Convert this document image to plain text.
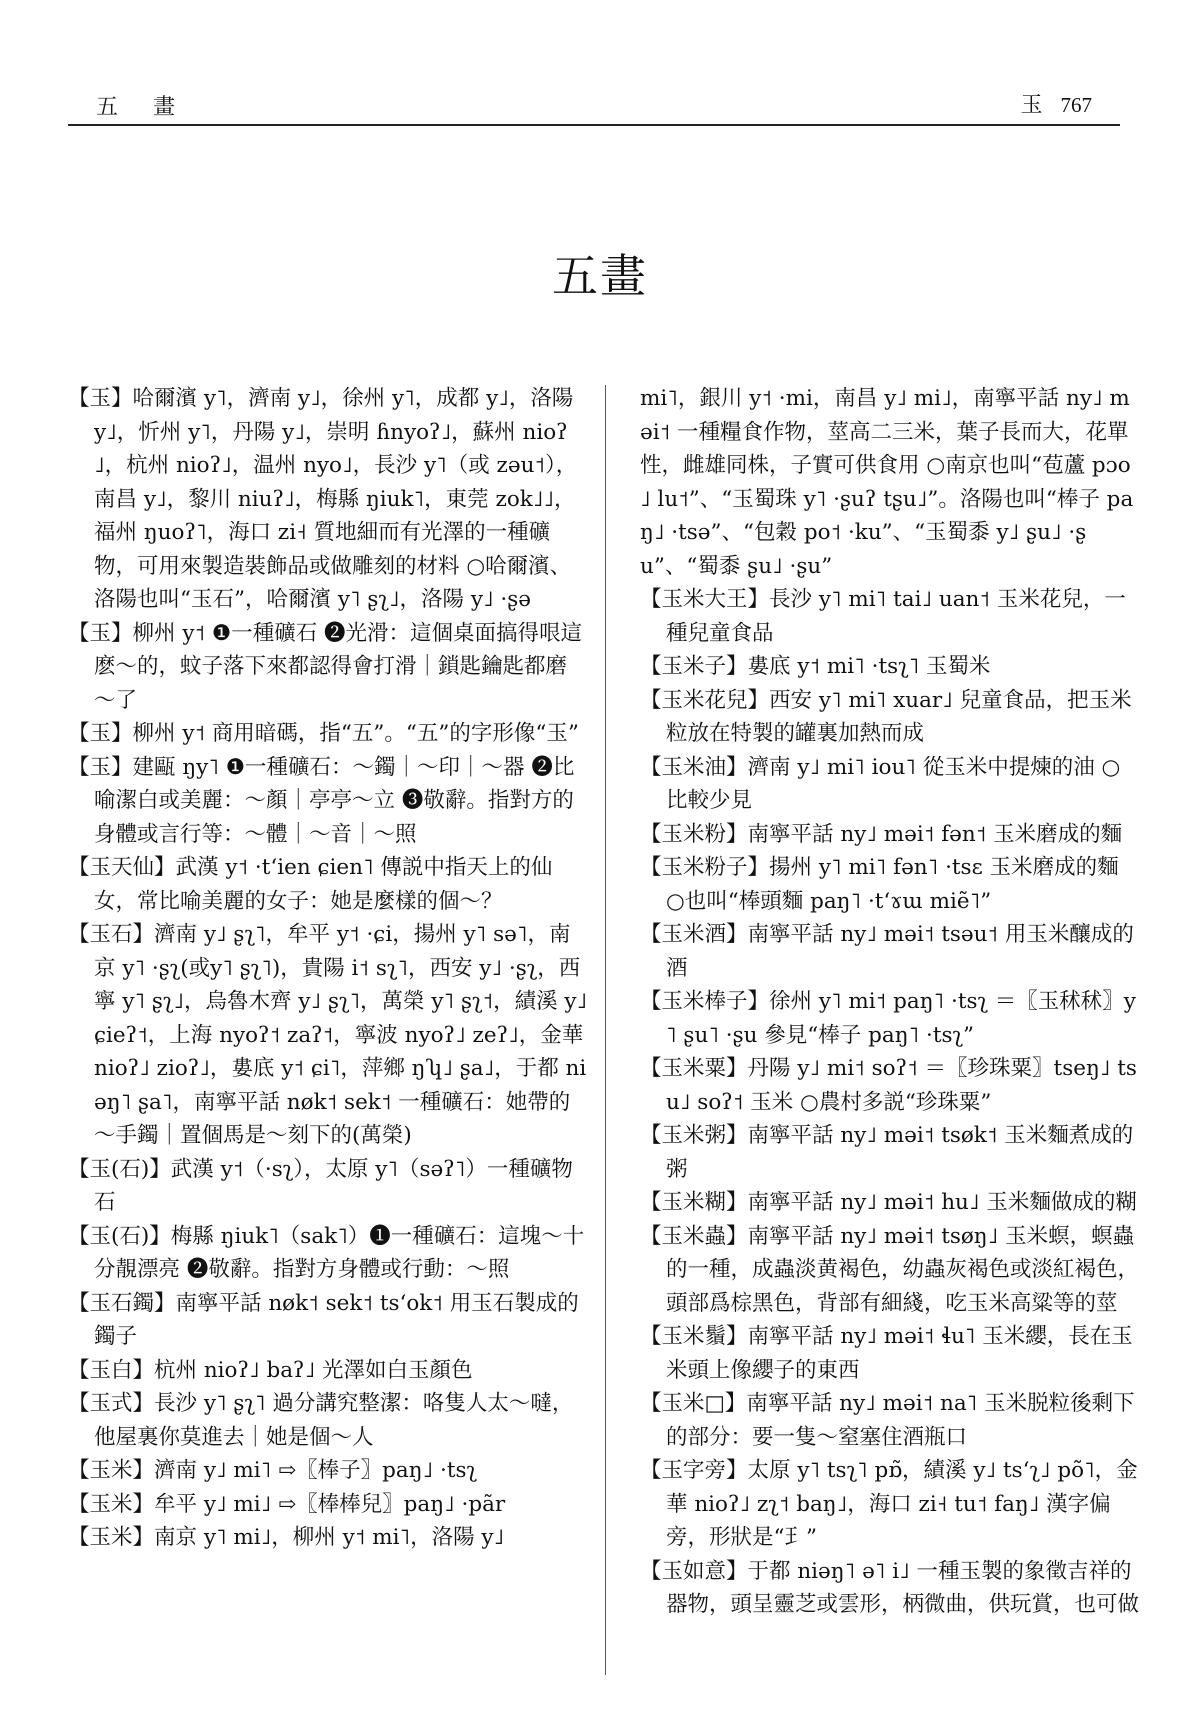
五 畫	玉 767
五畫

【玉】哈爾濱 y˥，濟南 y˩，徐州 y˥，成都 y˩，洛陽 y˩，忻州 y˥，丹陽 y˩，崇明 ɦnyoʔ˩，蘇州 nioʔ˩，杭州 nioʔ˩，温州 nyo˩，長沙 y˥（或 zəu˦），南昌 y˩，黎川 niuʔ˩，梅縣 ŋiuk˥，東莞 zok˩˩，福州 ŋuoʔ˥，海口 zi˧ 質地細而有光澤的一種礦物，可用來製造裝飾品或做雕刻的材料 ○哈爾濱、洛陽也叫“玉石”，哈爾濱 y˥ ʂʅ˩，洛陽 y˩ ·ʂə

【玉】柳州 y˦ ❶一種礦石 ❷光滑：這個桌面搞得哏這麽～的，蚊子落下來都認得會打滑｜鎖匙鑰匙都磨～了

【玉】柳州 y˦ 商用暗碼，指“五”。“五”的字形像“玉”

【玉】建甌 ŋy˥ ❶一種礦石：～鐲｜～印｜～器 ❷比喻潔白或美麗：～顏｜亭亭～立 ❸敬辭。指對方的身體或言行等：～體｜～音｜～照

【玉天仙】武漢 y˦ ·tʻien ɕien˥ 傳説中指天上的仙女，常比喻美麗的女子：她是麼樣的個～？

【玉石】濟南 y˩ ʂʅ˥，牟平 y˦ ·ɕi，揚州 y˥ sə˥，南京 y˥ ·ʂʅ(或y˥ ʂʅ˥)，貴陽 i˦ sʅ˥，西安 y˩ ·ʂʅ，西寧 y˥ ʂʅ˩，烏魯木齊 y˩ ʂʅ˥，萬榮 y˥ ʂʅ˦，績溪 y˩ ɕieʔ˦，上海 nyoʔ˦ zaʔ˦，寧波 nyoʔ˩ zeʔ˩，金華 nioʔ˩ zioʔ˩，婁底 y˦ ɕi˥，萍鄉 ŋʮ˩ ʂa˩，于都 niəŋ˥ ʂa˥，南寧平話 nøk˦ sek˦ 一種礦石：她帶的～手鐲｜置個馬是～刻下的(萬榮)

【玉(石)】武漢 y˦（·sʅ），太原 y˥（səʔ˥）一種礦物石

【玉(石)】梅縣 ŋiuk˥（sak˥）❶一種礦石：這塊～十分靚漂亮 ❷敬辭。指對方身體或行動：～照

【玉石鐲】南寧平話 nøk˦ sek˦ tsʻok˦ 用玉石製成的鐲子

【玉白】杭州 nioʔ˩ baʔ˩ 光澤如白玉顏色

【玉式】長沙 y˥ ʂʅ˥ 過分講究整潔：咯隻人太～噠，他屋裏你莫進去｜她是個～人

【玉米】濟南 y˩ mi˥ ⇨〖棒子〗paŋ˩ ·tsʅ

【玉米】牟平 y˩ mi˩ ⇨〖棒棒兒〗paŋ˩ ·pãr

【玉米】南京 y˥ mi˩，柳州 y˦ mi˥，洛陽 y˩

mi˥，銀川 y˦ ·mi，南昌 y˩ mi˩，南寧平話 ny˩ məi˦ 一種糧食作物，莖高二三米，葉子長而大，花單性，雌雄同株，子實可供食用 ○南京也叫“苞蘆 pɔo˩ lu˦”、“玉蜀珠 y˥ ·ʂuʔ tʂu˩”。洛陽也叫“棒子 paŋ˩ ·tsə”、“包穀 po˦ ·ku”、“玉蜀黍 y˩ ʂu˩ ·ʂu”、“蜀黍 ʂu˩ ·ʂu”

【玉米大王】長沙 y˥ mi˥ tai˩ uan˦ 玉米花兒，一種兒童食品

【玉米子】婁底 y˦ mi˥ ·tsʅ˥ 玉蜀米

【玉米花兒】西安 y˥ mi˥ xuar˩ 兒童食品，把玉米粒放在特製的罐裏加熱而成

【玉米油】濟南 y˩ mi˥ iou˥ 從玉米中提煉的油 ○比較少見

【玉米粉】南寧平話 ny˩ məi˦ fən˦ 玉米磨成的麵

【玉米粉子】揚州 y˥ mi˥ fən˥ ·tsɛ 玉米磨成的麵 ○也叫“棒頭麵 paŋ˥ ·tʻɤɯ miẽ˥”

【玉米酒】南寧平話 ny˩ məi˦ tsəu˦ 用玉米釀成的酒

【玉米棒子】徐州 y˥ mi˦ paŋ˥ ·tsʅ ＝〖玉秫秫〗y˥ ʂu˥ ·ʂu 參見“棒子 paŋ˥ ·tsʅ”

【玉米粟】丹陽 y˩ mi˦ soʔ˦ ＝〖珍珠粟〗tseŋ˩ tsu˩ soʔ˦ 玉米 ○農村多説“珍珠粟”

【玉米粥】南寧平話 ny˩ məi˦ tsøk˦ 玉米麵煮成的粥

【玉米糊】南寧平話 ny˩ məi˦ hu˩ 玉米麵做成的糊

【玉米蟲】南寧平話 ny˩ məi˦ tsøŋ˩ 玉米螟，螟蟲的一種，成蟲淡黄褐色，幼蟲灰褐色或淡紅褐色，頭部爲棕黑色，背部有細綫，吃玉米高粱等的莖

【玉米鬚】南寧平話 ny˩ məi˦ ɬu˥ 玉米纓，長在玉米頭上像纓子的東西

【玉米□】南寧平話 ny˩ məi˦ na˥ 玉米脱粒後剩下的部分：要一隻～窒塞住酒瓶口

【玉字旁】太原 y˥ tsʅ˥ pɒ̃，績溪 y˩ tsʻʅ˩ põ˥，金華 nioʔ˩ zʅ˦ baŋ˩，海口 zi˧ tu˦ faŋ˩ 漢字偏旁，形狀是“⺩”

【玉如意】于都 niəŋ˥ ə˥ i˩ 一種玉製的象徵吉祥的器物，頭呈靈芝或雲形，柄微曲，供玩賞，也可做
